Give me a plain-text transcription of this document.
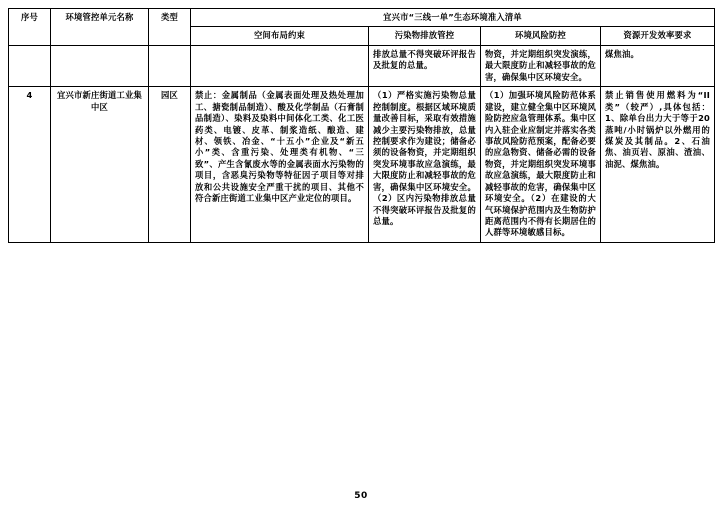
序号	环境管控单元名称	类型	宜兴市“三线一单”生态环境准入清单			
			空间布局约束	污染物排放管控	环境风险防控	资源开发效率要求
				排放总量不得突破环评报告及批复的总量。	物资，并定期组织突发演练，最大限度防止和减轻事故的危害，确保集中区环境安全。	煤焦油。
4	宜兴市新庄街道工业集中区	园区	禁止：金属制品（金属表面处理及热处理加工、搪瓷制品制造）、酸及化学制品（石膏制品制造）、染料及染料中间体化工类、化工医药类、电镀、皮革、制浆造纸、酿造、建材、领铁、冶金、“十五小”企业及“新五小”类、含重污染、处理类有机物、“三致”、产生含氰废水等的金属表面水污染物的项目，含恶臭污染物等特征因子项目等对排放和公共设施安全严重干扰的项目、其他不符合新庄街道工业集中区产业定位的项目。	（1）严格实施污染物总量控制制度。根据区域环境质量改善目标，采取有效措施减少主要污染物排放，总量控制要求作为建设；储备必须的设备物资，并定期组织突发环境事故应急演练，最大限度防止和减轻事故的危害，确保集中区环境安全。（2）区内污染物排放总量不得突破环评报告及批复的总量。	（1）加强环境风险防范体系建设，建立健全集中区环境风险防控应急管理体系。集中区内入驻企业应制定并落实各类事故风险防范预案，配备必要的应急物资、储备必需的设备物资，并定期组织突发环境事故应急演练，最大限度防止和减轻事故的危害，确保集中区环境安全。（2）在建设的大气环境保护范围内及生物防护距离范围内不得有长期居住的人群等环境敏感目标。	禁止销售使用燃料为“II类”（较严）,具体包括：1、除单台出力大于等于20蒸吨/小时锅炉以外燃用的煤炭及其制品。2、石油焦、油页岩、原油、渣油、油泥、煤焦油。
50
